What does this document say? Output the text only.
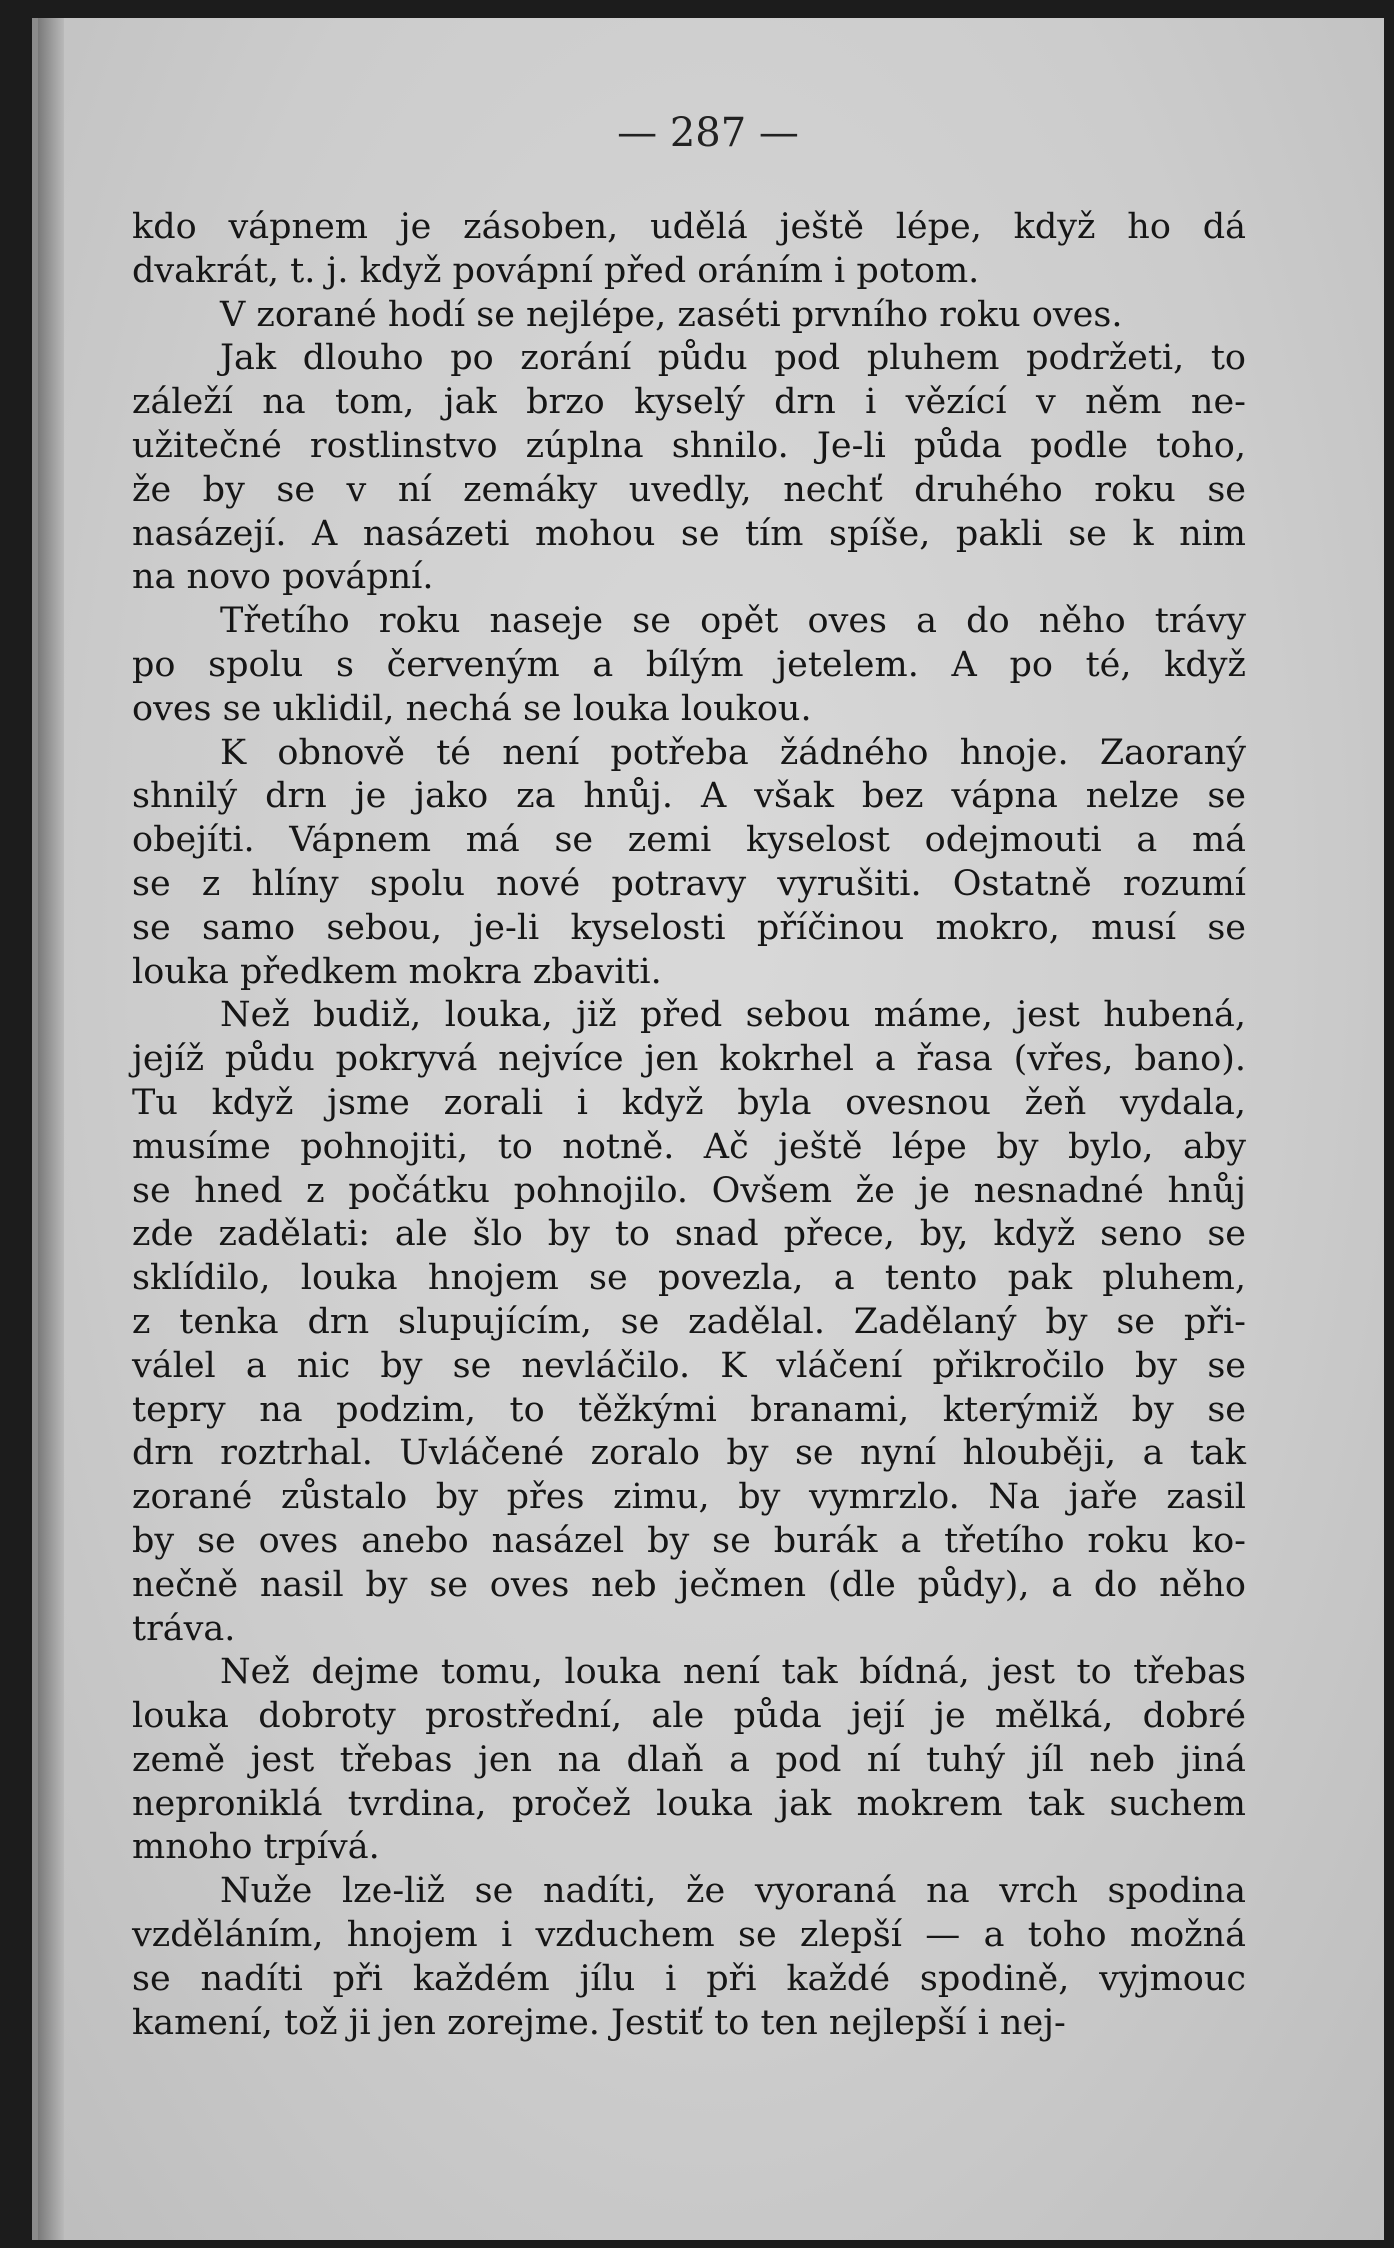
— 287 —
kdo vápnem je zásoben, udělá ještě lépe, když ho dá
dvakrát, t. j. když povápní před oráním i potom.
V zorané hodí se nejlépe, zaséti prvního roku oves.
Jak dlouho po zorání půdu pod pluhem podržeti, to
záleží na tom, jak brzo kyselý drn i vězící v něm ne-
užitečné rostlinstvo zúplna shnilo. Je-li půda podle toho,
že by se v ní zemáky uvedly, nechť druhého roku se
nasázejí. A nasázeti mohou se tím spíše, pakli se k nim
na novo povápní.
Třetího roku naseje se opět oves a do něho trávy
po spolu s červeným a bílým jetelem. A po té, když
oves se uklidil, nechá se louka loukou.
K obnově té není potřeba žádného hnoje. Zaoraný
shnilý drn je jako za hnůj. A však bez vápna nelze se
obejíti. Vápnem má se zemi kyselost odejmouti a má
se z hlíny spolu nové potravy vyrušiti. Ostatně rozumí
se samo sebou, je-li kyselosti příčinou mokro, musí se
louka předkem mokra zbaviti.
Než budiž, louka, již před sebou máme, jest hubená,
jejíž půdu pokryvá nejvíce jen kokrhel a řasa (vřes, bano).
Tu když jsme zorali i když byla ovesnou žeň vydala,
musíme pohnojiti, to notně. Ač ještě lépe by bylo, aby
se hned z počátku pohnojilo. Ovšem že je nesnadné hnůj
zde zadělati: ale šlo by to snad přece, by, když seno se
sklídilo, louka hnojem se povezla, a tento pak pluhem,
z tenka drn slupujícím, se zadělal. Zadělaný by se při-
válel a nic by se nevláčilo. K vláčení přikročilo by se
tepry na podzim, to těžkými branami, kterýmiž by se
drn roztrhal. Uvláčené zoralo by se nyní hlouběji, a tak
zorané zůstalo by přes zimu, by vymrzlo. Na jaře zasil
by se oves anebo nasázel by se burák a třetího roku ko-
nečně nasil by se oves neb ječmen (dle půdy), a do něho
tráva.
Než dejme tomu, louka není tak bídná, jest to třebas
louka dobroty prostřední, ale půda její je mělká, dobré
země jest třebas jen na dlaň a pod ní tuhý jíl neb jiná
neproniklá tvrdina, pročež louka jak mokrem tak suchem
mnoho trpívá.
Nuže lze-liž se nadíti, že vyoraná na vrch spodina
vzděláním, hnojem i vzduchem se zlepší — a toho možná
se nadíti při každém jílu i při každé spodině, vyjmouc
kamení, tož ji jen zorejme. Jestiť to ten nejlepší i nej-
